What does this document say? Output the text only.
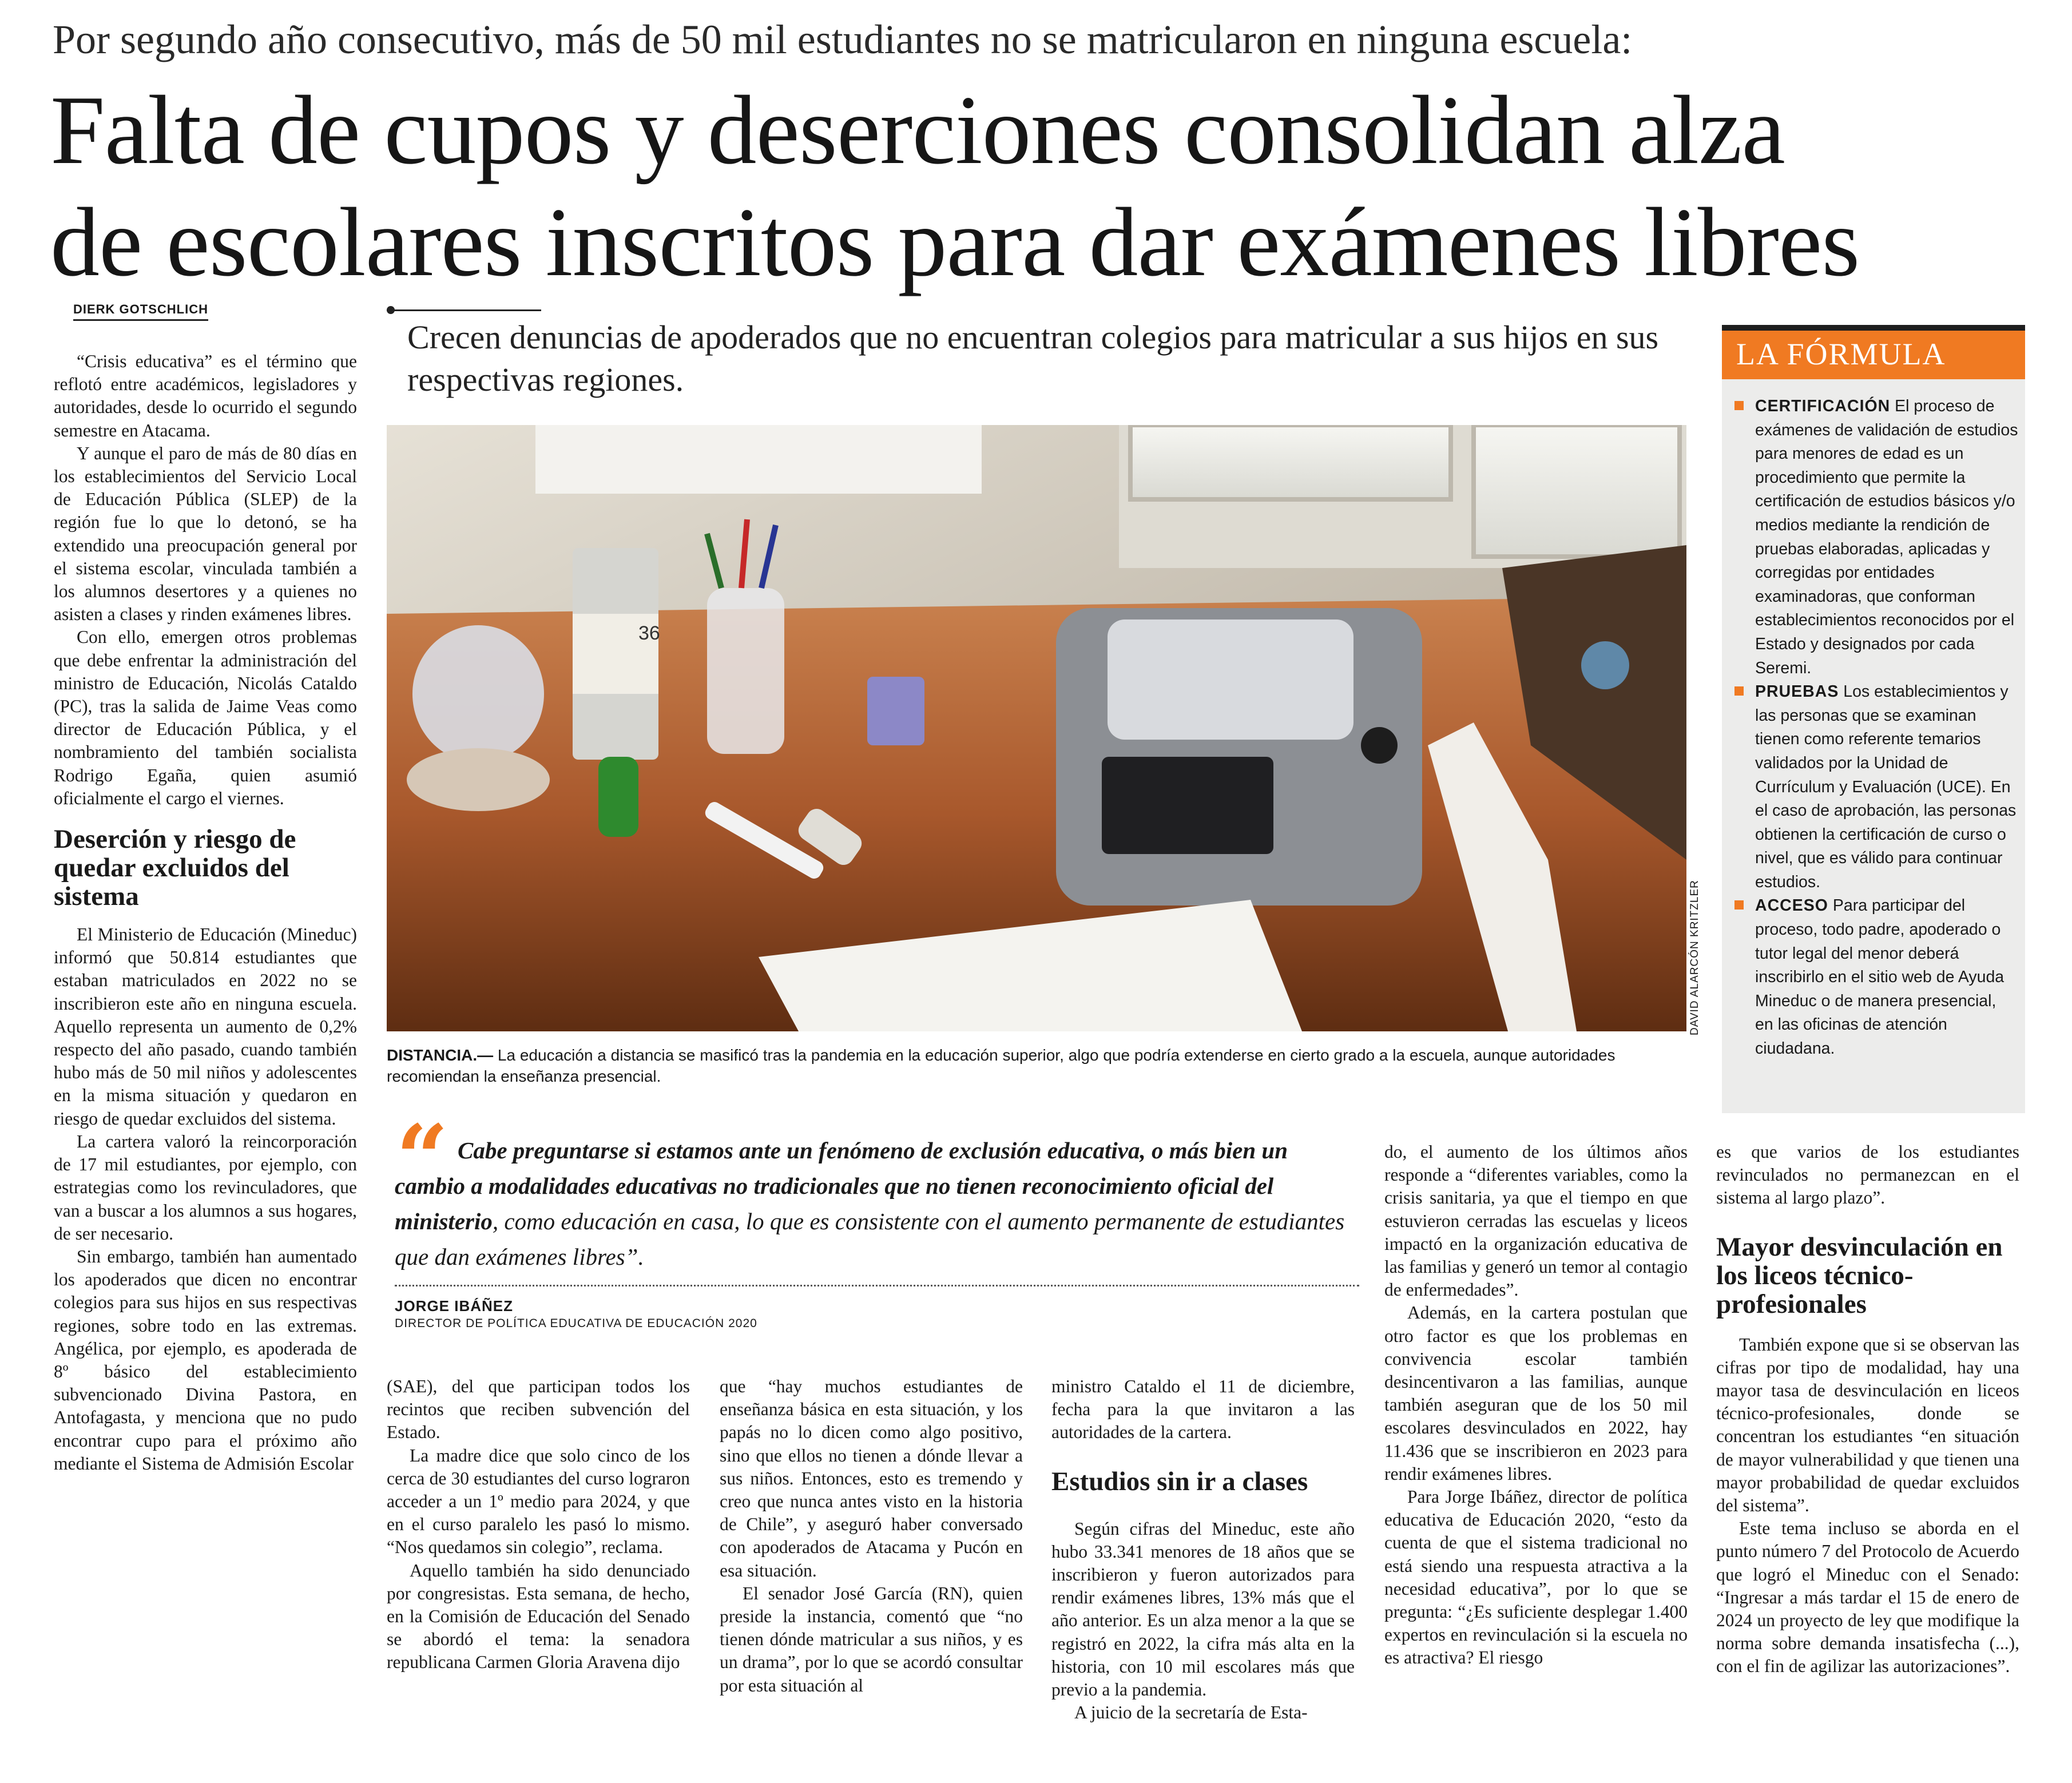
Por segundo año consecutivo, más de 50 mil estudiantes no se matricularon en ninguna escuela:
Falta de cupos y deserciones consolidan alza
de escolares inscritos para dar exámenes libres
DIERK GOTSCHLICH
Crecen denuncias de apoderados que no encuentran colegios para matricular a sus hijos en sus respectivas regiones.

“Crisis educativa” es el término que reflotó entre académicos, legisladores y autoridades, desde lo ocurrido el segundo semestre en Atacama.

Y aunque el paro de más de 80 días en los establecimientos del Servicio Local de Educación Pública (SLEP) de la región fue lo que lo detonó, se ha extendido una preocupación general por el sistema escolar, vinculada también a los alumnos desertores y a quienes no asisten a clases y rinden exámenes libres.

Con ello, emergen otros problemas que debe enfrentar la administración del ministro de Educación, Nicolás Cataldo (PC), tras la salida de Jaime Veas como director de Educación Pública, y el nombramiento del también socialista Rodrigo Egaña, quien asumió oficialmente el cargo el viernes.

Deserción y riesgo de quedar excluidos del sistema

El Ministerio de Educación (Mineduc) informó que 50.814 estudiantes que estaban matriculados en 2022 no se inscribieron este año en ninguna escuela. Aquello representa un aumento de 0,2% respecto del año pasado, cuando también hubo más de 50 mil niños y adolescentes en la misma situación y quedaron en riesgo de quedar excluidos del sistema.

La cartera valoró la reincorporación de 17 mil estudiantes, por ejemplo, con estrategias como los revinculadores, que van a buscar a los alumnos a sus hogares, de ser necesario.

Sin embargo, también han aumentado los apoderados que dicen no encontrar colegios para sus hijos en sus respectivas regiones, sobre todo en las extremas. Angélica, por ejemplo, es apoderada de 8º básico del establecimiento subvencionado Divina Pastora, en Antofagasta, y menciona que no pudo encontrar cupo para el próximo año mediante el Sistema de Admisión Escolar

36
DAVID ALARCÓN KRITZLER
DISTANCIA.— La educación a distancia se masificó tras la pandemia en la educación superior, algo que podría extenderse en cierto grado a la escuela, aunque autoridades recomiendan la enseñanza presencial.
LA FÓRMULA

CERTIFICACIÓN El proceso de exámenes de validación de estudios para menores de edad es un procedimiento que permite la certificación de estudios básicos y/o medios mediante la rendición de pruebas elaboradas, aplicadas y corregidas por entidades examinadoras, que conforman establecimientos reconocidos por el Estado y designados por cada Seremi.

PRUEBAS Los establecimientos y las personas que se examinan tienen como referente temarios validados por la Unidad de Currículum y Evaluación (UCE). En el caso de aprobación, las personas obtienen la certificación de curso o nivel, que es válido para continuar estudios.

ACCESO Para participar del proceso, todo padre, apoderado o tutor legal del menor deberá inscribirlo en el sitio web de Ayuda Mineduc o de manera presencial, en las oficinas de atención ciudadana.

“ Cabe preguntarse si estamos ante un fenómeno de exclusión educativa, o más bien un cambio a modalidades educativas no tradicionales que no tienen reconocimiento oficial del ministerio, como educación en casa, lo que es consistente con el aumento permanente de estudiantes que dan exámenes libres”.
JORGE IBÁÑEZ
DIRECTOR DE POLÍTICA EDUCATIVA DE EDUCACIÓN 2020

(SAE), del que participan todos los recintos que reciben subvención del Estado.

La madre dice que solo cinco de los cerca de 30 estudiantes del curso lograron acceder a un 1º medio para 2024, y que en el curso paralelo les pasó lo mismo. “Nos quedamos sin colegio”, reclama.

Aquello también ha sido denunciado por congresistas. Esta semana, de hecho, en la Comisión de Educación del Senado se abordó el tema: la senadora republicana Carmen Gloria Aravena dijo

que “hay muchos estudiantes de enseñanza básica en esta situación, y los papás no lo dicen como algo positivo, sino que ellos no tienen a dónde llevar a sus niños. Entonces, esto es tremendo y creo que nunca antes visto en la historia de Chile”, y aseguró haber conversado con apoderados de Atacama y Pucón en esa situación.

El senador José García (RN), quien preside la instancia, comentó que “no tienen dónde matricular a sus niños, y es un drama”, por lo que se acordó consultar por esta situación al

ministro Cataldo el 11 de diciembre, fecha para la que invitaron a las autoridades de la cartera.

Estudios sin ir a clases

Según cifras del Mineduc, este año hubo 33.341 menores de 18 años que se inscribieron y fueron autorizados para rendir exámenes libres, 13% más que el año anterior. Es un alza menor a la que se registró en 2022, la cifra más alta en la historia, con 10 mil escolares más que previo a la pandemia.

A juicio de la secretaría de Esta-

do, el aumento de los últimos años responde a “diferentes variables, como la crisis sanitaria, ya que el tiempo en que estuvieron cerradas las escuelas y liceos impactó en la organización educativa de las familias y generó un temor al contagio de enfermedades”.

Además, en la cartera postulan que otro factor es que los problemas en convivencia escolar también desincentivaron a las familias, aunque también aseguran que de los 50 mil escolares desvinculados en 2022, hay 11.436 que se inscribieron en 2023 para rendir exámenes libres.

Para Jorge Ibáñez, director de política educativa de Educación 2020, “esto da cuenta de que el sistema tradicional no está siendo una respuesta atractiva a la necesidad educativa”, por lo que se pregunta: “¿Es suficiente desplegar 1.400 expertos en revinculación si la escuela no es atractiva? El riesgo

es que varios de los estudiantes revinculados no permanezcan en el sistema al largo plazo”.

Mayor desvinculación en los liceos técnico-profesionales

También expone que si se observan las cifras por tipo de modalidad, hay una mayor tasa de desvinculación en liceos técnico-profesionales, donde se concentran los estudiantes “en situación de mayor vulnerabilidad y que tienen una mayor probabilidad de quedar excluidos del sistema”.

Este tema incluso se aborda en el punto número 7 del Protocolo de Acuerdo que logró el Mineduc con el Senado: “Ingresar a más tardar el 15 de enero de 2024 un proyecto de ley que modifique la norma sobre demanda insatisfecha (...), con el fin de agilizar las autorizaciones”.
